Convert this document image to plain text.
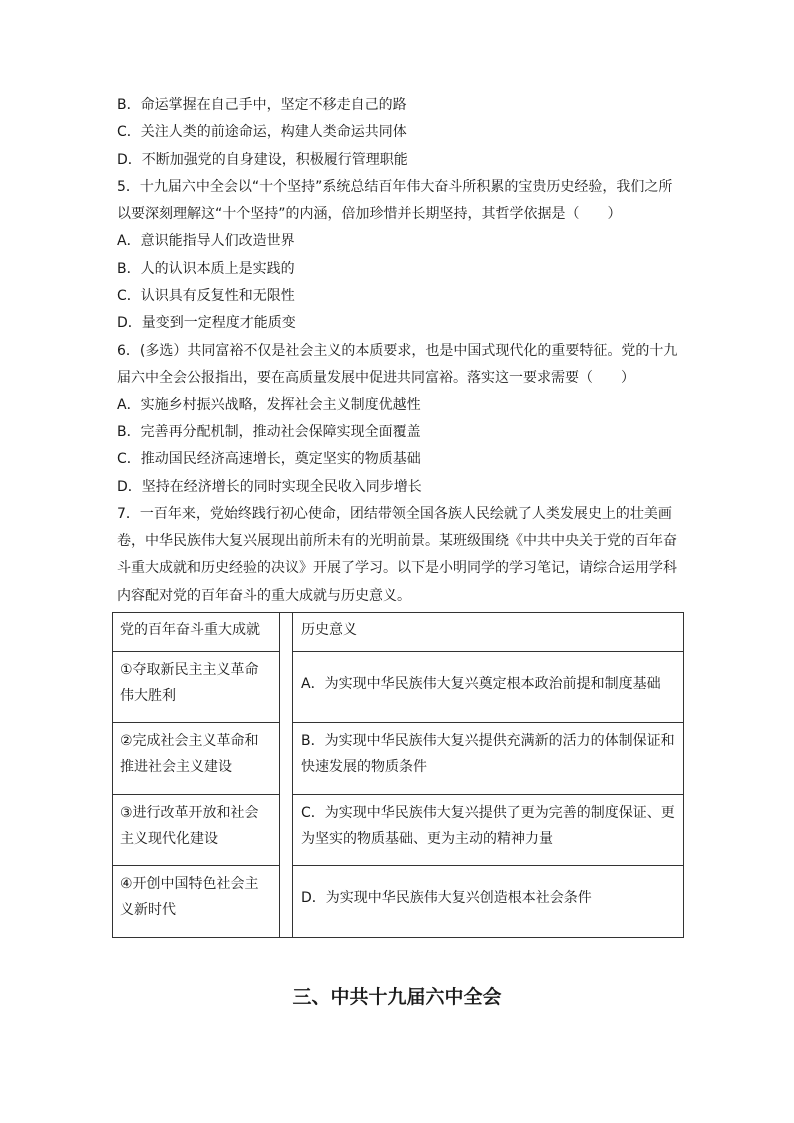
B．命运掌握在自己手中，坚定不移走自己的路
C．关注人类的前途命运，构建人类命运共同体
D．不断加强党的自身建设，积极履行管理职能
5．十九届六中全会以“十个坚持”系统总结百年伟大奋斗所积累的宝贵历史经验，我们之所
以要深刻理解这“十个坚持”的内涵，倍加珍惜并长期坚持，其哲学依据是（　　）
A．意识能指导人们改造世界
B．人的认识本质上是实践的
C．认识具有反复性和无限性
D．量变到一定程度才能质变
6．(多选）共同富裕不仅是社会主义的本质要求，也是中国式现代化的重要特征。党的十九
届六中全会公报指出，要在高质量发展中促进共同富裕。落实这一要求需要（　　）
A．实施乡村振兴战略，发挥社会主义制度优越性
B．完善再分配机制，推动社会保障实现全面覆盖
C．推动国民经济高速增长，奠定坚实的物质基础
D．坚持在经济增长的同时实现全民收入同步增长
7．一百年来，党始终践行初心使命，团结带领全国各族人民绘就了人类发展史上的壮美画
卷，中华民族伟大复兴展现出前所未有的光明前景。某班级围绕《中共中央关于党的百年奋
斗重大成就和历史经验的决议》开展了学习。以下是小明同学的学习笔记，请综合运用学科
内容配对党的百年奋斗的重大成就与历史意义。
党的百年奋斗重大成就	历史意义
①夺取新民主主义革命
伟大胜利
A．为实现中华民族伟大复兴奠定根本政治前提和制度基础
②完成社会主义革命和
推进社会主义建设
B．为实现中华民族伟大复兴提供充满新的活力的体制保证和
快速发展的物质条件
③进行改革开放和社会
主义现代化建设
C．为实现中华民族伟大复兴提供了更为完善的制度保证、更
为坚实的物质基础、更为主动的精神力量
④开创中国特色社会主
义新时代
D．为实现中华民族伟大复兴创造根本社会条件
三、中共十九届六中全会
